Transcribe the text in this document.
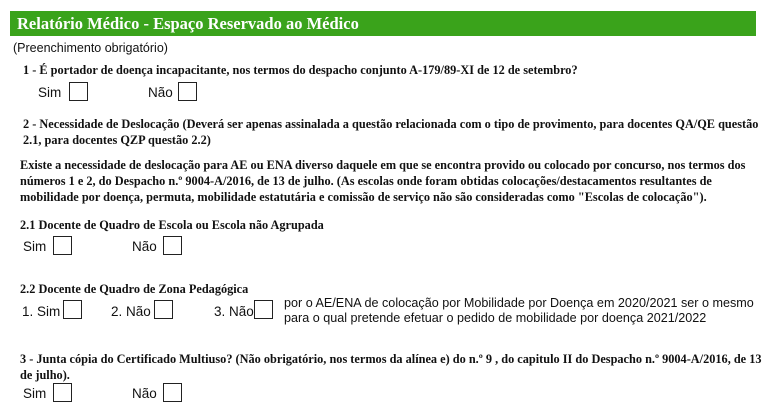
Relatório Médico - Espaço Reservado ao Médico
(Preenchimento obrigatório)
1 - É portador de doença incapacitante, nos termos do despacho conjunto A-179/89-XI de 12 de setembro?
Sim	Não
2 - Necessidade de Deslocação (Deverá ser apenas assinalada a questão relacionada com o tipo de provimento, para docentes QA/QE questão
2.1, para docentes QZP questão 2.2)
Existe a necessidade de deslocação para AE ou ENA diverso daquele em que se encontra provido ou colocado por concurso, nos termos dos
números 1 e 2, do Despacho n.º 9004-A/2016, de 13 de julho. (As escolas onde foram obtidas colocações/destacamentos resultantes de
mobilidade por doença, permuta, mobilidade estatutária e comissão de serviço não são consideradas como "Escolas de colocação").
2.1 Docente de Quadro de Escola ou Escola não Agrupada
Sim	Não
2.2 Docente de Quadro de Zona Pedagógica
1. Sim	2. Não	3. Não
por o AE/ENA de colocação por Mobilidade por Doença em 2020/2021 ser o mesmo
para o qual pretende efetuar o pedido de mobilidade por doença 2021/2022
3 - Junta cópia do Certificado Multiuso? (Não obrigatório, nos termos da alínea e) do n.º 9 , do capitulo II do Despacho n.º 9004-A/2016, de 13
de julho).
Sim	Não
